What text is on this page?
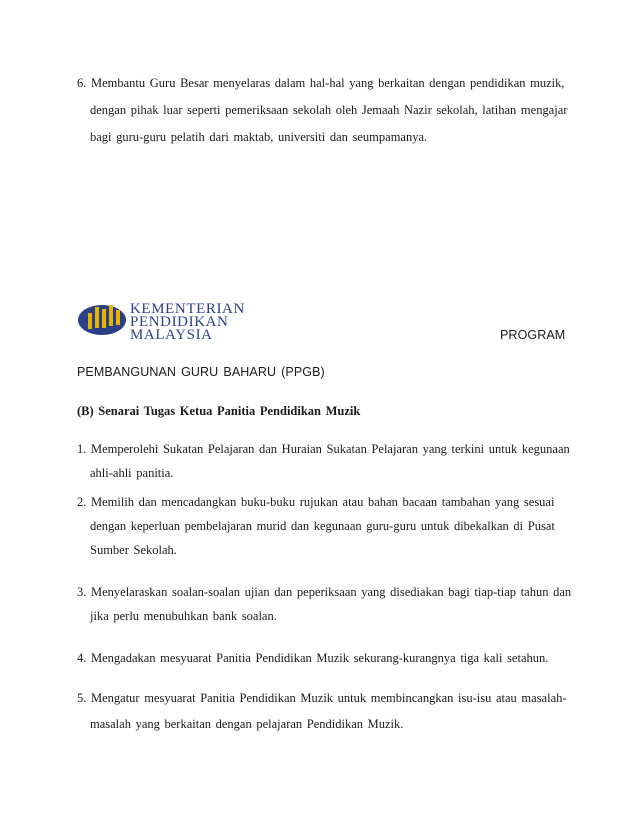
6. Membantu Guru Besar menyelaras dalam hal-hal yang berkaitan dengan pendidikan muzik,
dengan pihak luar seperti pemeriksaan sekolah oleh Jemaah Nazir sekolah, latihan mengajar
bagi guru-guru pelatih dari maktab, universiti dan seumpamanya.
KEMENTERIAN
PENDIDIKAN
MALAYSIA	PROGRAM
PEMBANGUNAN GURU BAHARU (PPGB)
(B) Senarai Tugas Ketua Panitia Pendidikan Muzik
1. Memperolehi Sukatan Pelajaran dan Huraian Sukatan Pelajaran yang terkini untuk kegunaan
ahli-ahli panitia.
2. Memilih dan mencadangkan buku-buku rujukan atau bahan bacaan tambahan yang sesuai
dengan keperluan pembelajaran murid dan kegunaan guru-guru untuk dibekalkan di Pusat
Sumber Sekolah.
3. Menyelaraskan soalan-soalan ujian dan peperiksaan yang disediakan bagi tiap-tiap tahun dan
jika perlu menubuhkan bank soalan.
4. Mengadakan mesyuarat Panitia Pendidikan Muzik sekurang-kurangnya tiga kali setahun.
5. Mengatur mesyuarat Panitia Pendidikan Muzik untuk membincangkan isu-isu atau masalah-
masalah yang berkaitan dengan pelajaran Pendidikan Muzik.
